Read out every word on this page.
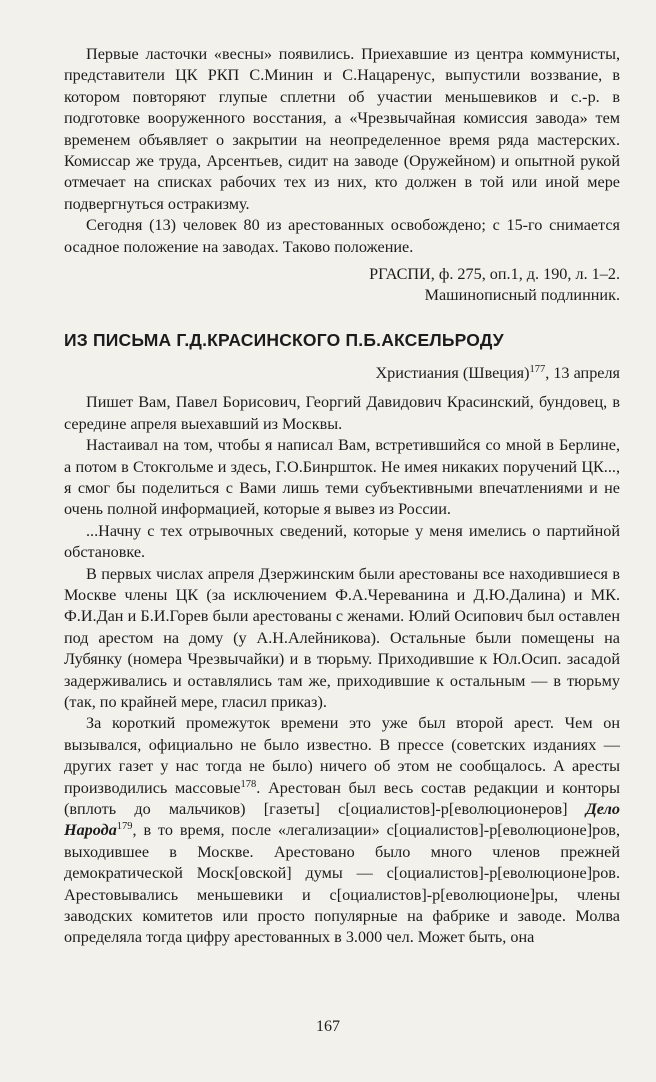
Первые ласточки «весны» появились. Приехавшие из центра коммунисты, представители ЦК РКП С.Минин и С.Нацаренус, выпустили воззвание, в котором повторяют глупые сплетни об участии меньшевиков и с.-р. в подготовке вооруженного восстания, а «Чрезвычайная комиссия завода» тем временем объявляет о закрытии на неопределенное время ряда мастерских. Комиссар же труда, Арсентьев, сидит на заводе (Оружейном) и опытной рукой отмечает на списках рабочих тех из них, кто должен в той или иной мере подвергнуться остракизму.

Сегодня (13) человек 80 из арестованных освобождено; с 15-го снимается осадное положение на заводах. Таково положение.

РГАСПИ, ф. 275, оп.1, д. 190, л. 1–2.

Машинописный подлинник.

ИЗ ПИСЬМА Г.Д.КРАСИНСКОГО П.Б.АКСЕЛЬРОДУ

Христиания (Швеция)$^{177}$, 13 апреля

Пишет Вам, Павел Борисович, Георгий Давидович Красинский, бундовец, в середине апреля выехавший из Москвы.

Настаивал на том, чтобы я написал Вам, встретившийся со мной в Берлине, а потом в Стокгольме и здесь, Г.О.Бинршток. Не имея никаких поручений ЦК..., я смог бы поделиться с Вами лишь теми субъективными впечатлениями и не очень полной информацией, которые я вывез из России.

...Начну с тех отрывочных сведений, которые у меня имелись о партийной обстановке.

В первых числах апреля Дзержинским были арестованы все находившиеся в Москве члены ЦК (за исключением Ф.А.Череванина и Д.Ю.Далина) и МК. Ф.И.Дан и Б.И.Горев были арестованы с женами. Юлий Осипович был оставлен под арестом на дому (у А.Н.Алейникова). Остальные были помещены на Лубянку (номера Чрезвычайки) и в тюрьму. Приходившие к Юл.Осип. засадой задерживались и оставлялись там же, приходившие к остальным — в тюрьму (так, по крайней мере, гласил приказ).

За короткий промежуток времени это уже был второй арест. Чем он вызывался, официально не было известно. В прессе (советских изданиях — других газет у нас тогда не было) ничего об этом не сообщалось. А аресты производились массовые$^{178}$. Арестован был весь состав редакции и конторы (вплоть до мальчиков) [газеты] с[оциалистов]-р[еволюционеров] Дело Народа$^{179}$, в то время, после «легализации» с[оциалистов]-р[еволюционе]ров, выходившее в Москве. Арестовано было много членов прежней демократической Моск[овской] думы — с[оциалистов]-р[еволюционе]ров. Арестовывались меньшевики и с[оциалистов]-р[еволюционе]ры, члены заводских комитетов или просто популярные на фабрике и заводе. Молва определяла тогда цифру арестованных в 3.000 чел. Может быть, она

167
